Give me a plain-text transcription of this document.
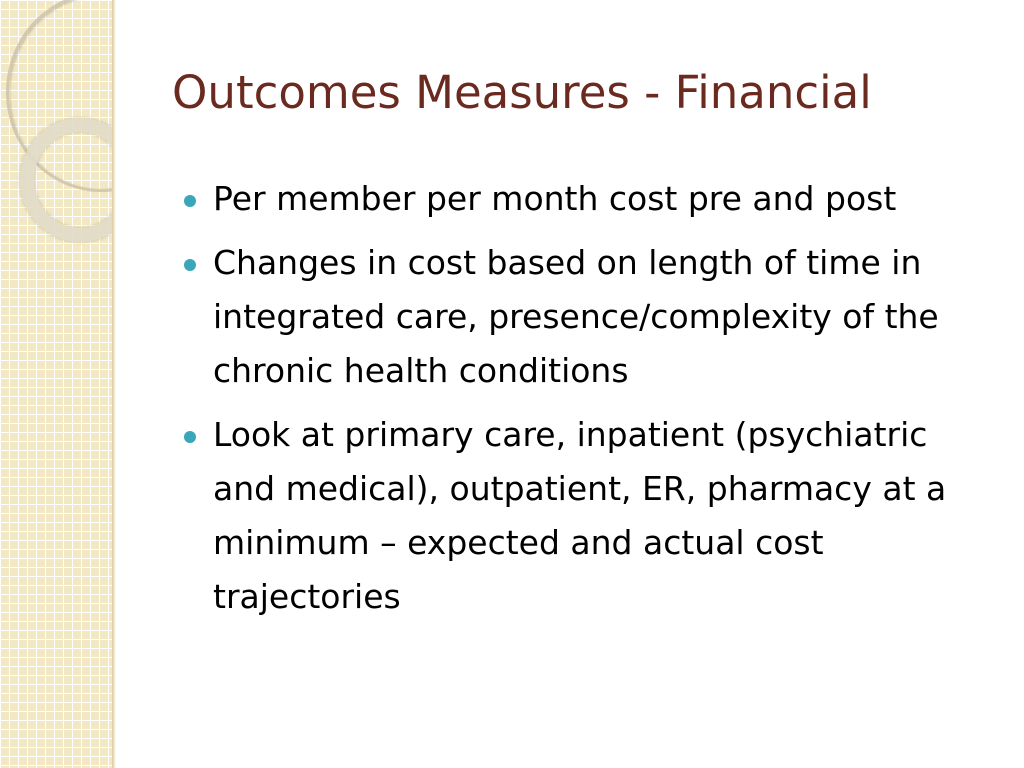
Outcomes Measures - Financial
Per member per month cost pre and post
Changes in cost based on length of time in integrated care, presence/complexity of the chronic health conditions
Look at primary care, inpatient (psychiatric and medical), outpatient, ER, pharmacy at a minimum – expected and actual cost trajectories
